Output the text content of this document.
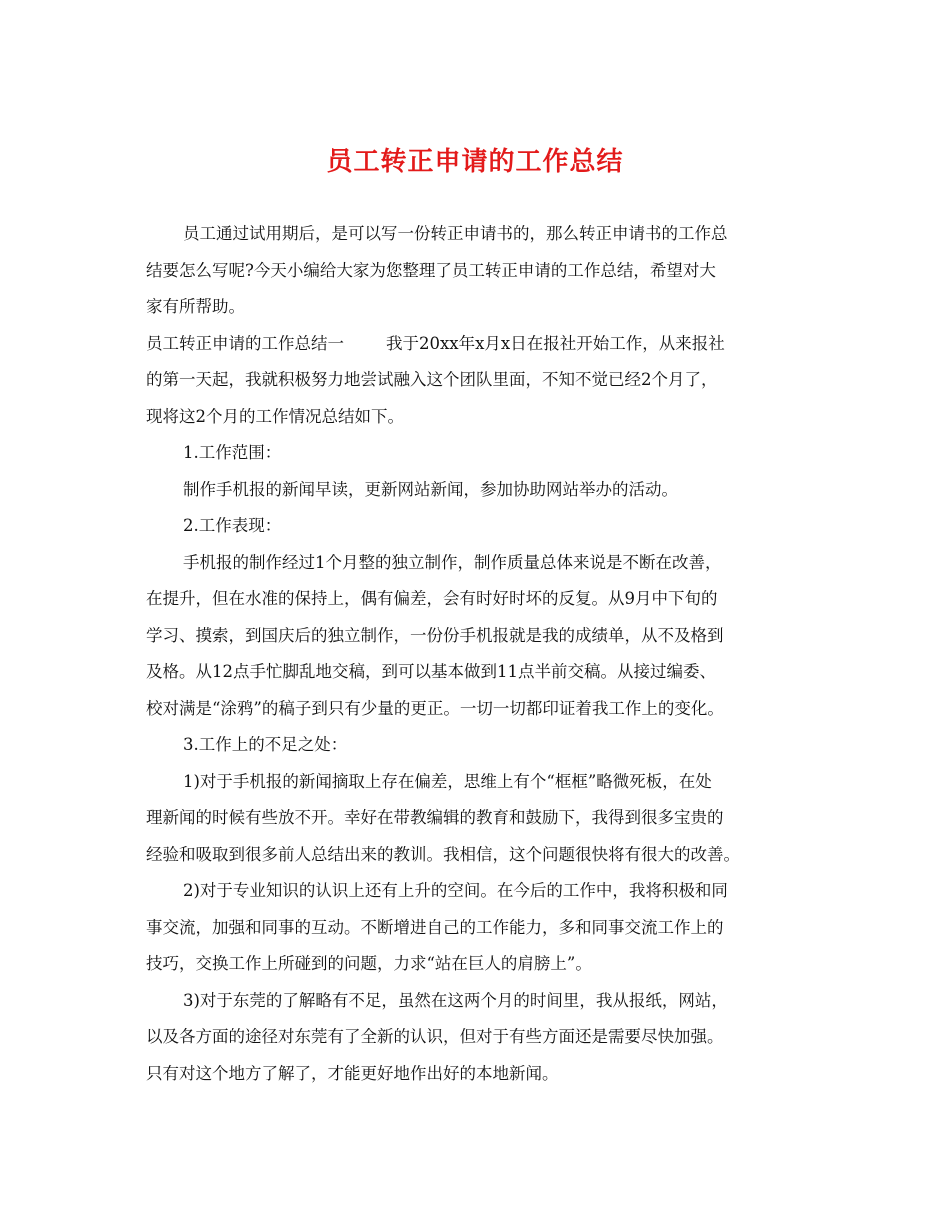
员工转正申请的工作总结
员工通过试用期后，是可以写一份转正申请书的，那么转正申请书的工作总
结要怎么写呢?今天小编给大家为您整理了员工转正申请的工作总结，希望对大
家有所帮助。
员工转正申请的工作总结一	我于20xx年x月x日在报社开始工作，从来报社
的第一天起，我就积极努力地尝试融入这个团队里面，不知不觉已经2个月了，
现将这2个月的工作情况总结如下。
1.工作范围：
制作手机报的新闻早读，更新网站新闻，参加协助网站举办的活动。
2.工作表现：
手机报的制作经过1个月整的独立制作，制作质量总体来说是不断在改善，
在提升，但在水准的保持上，偶有偏差，会有时好时坏的反复。从9月中下旬的
学习、摸索，到国庆后的独立制作，一份份手机报就是我的成绩单，从不及格到
及格。从12点手忙脚乱地交稿，到可以基本做到11点半前交稿。从接过编委、
校对满是“涂鸦”的稿子到只有少量的更正。一切一切都印证着我工作上的变化。
3.工作上的不足之处：
1)对于手机报的新闻摘取上存在偏差，思维上有个“框框”略微死板，在处
理新闻的时候有些放不开。幸好在带教编辑的教育和鼓励下，我得到很多宝贵的
经验和吸取到很多前人总结出来的教训。我相信，这个问题很快将有很大的改善。
2)对于专业知识的认识上还有上升的空间。在今后的工作中，我将积极和同
事交流，加强和同事的互动。不断增进自己的工作能力，多和同事交流工作上的
技巧，交换工作上所碰到的问题，力求“站在巨人的肩膀上”。
3)对于东莞的了解略有不足，虽然在这两个月的时间里，我从报纸，网站，
以及各方面的途径对东莞有了全新的认识，但对于有些方面还是需要尽快加强。
只有对这个地方了解了，才能更好地作出好的本地新闻。
